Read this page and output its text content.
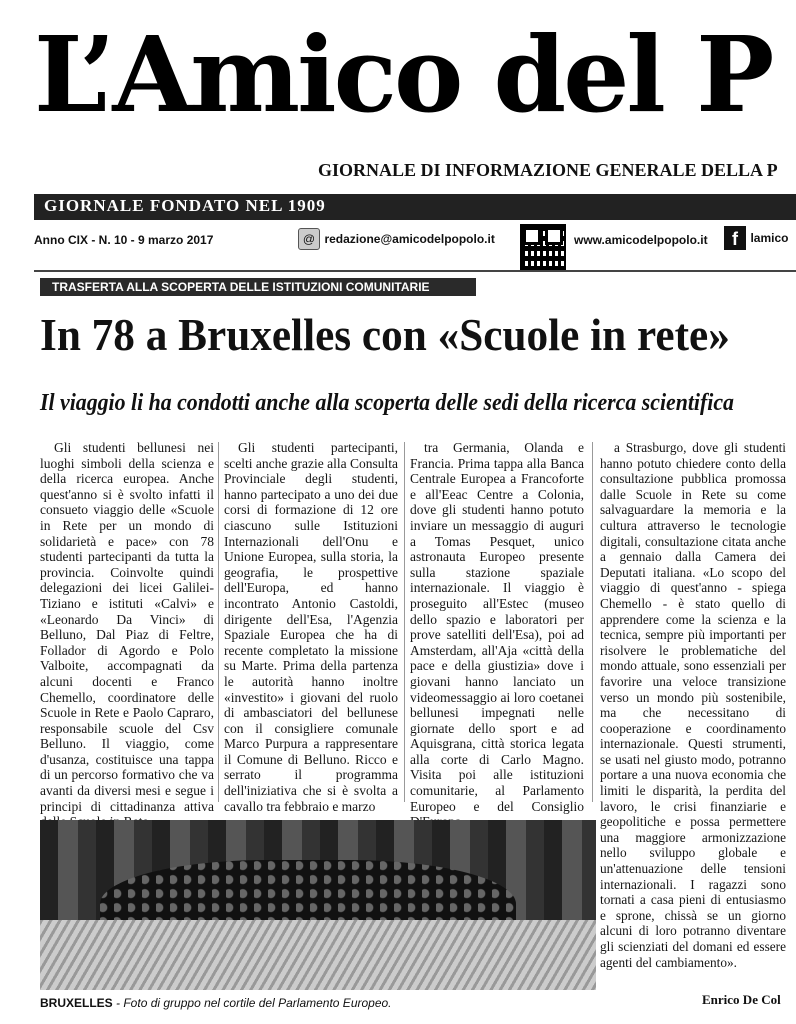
L’Amico del P
GIORNALE DI INFORMAZIONE GENERALE DELLA P
GIORNALE FONDATO NEL 1909
Anno CIX - N. 10 - 9 marzo 2017	@ redazione@amicodelpopolo.it	www.amicodelpopolo.it	f lamico
TRASFERTA ALLA SCOPERTA DELLE ISTITUZIONI COMUNITARIE
In 78 a Bruxelles con «Scuole in rete»
Il viaggio li ha condotti anche alla scoperta delle sedi della ricerca scientifica

Gli studenti bellunesi nei luoghi simboli della scienza e della ricerca europea. Anche quest'anno si è svolto infatti il consueto viaggio delle «Scuole in Rete per un mondo di solidarietà e pace» con 78 studenti partecipanti da tutta la provincia. Coinvolte quindi delegazioni dei licei Galilei-Tiziano e istituti «Calvi» e «Leonardo Da Vinci» di Belluno, Dal Piaz di Feltre, Follador di Agordo e Polo Valboite, accompagnati da alcuni docenti e Franco Chemello, coordinatore delle Scuole in Rete e Paolo Capraro, responsabile scuole del Csv Belluno. Il viaggio, come d'usanza, costituisce una tappa di un percorso formativo che va avanti da diversi mesi e segue i principi di cittadinanza attiva

Gli studenti partecipanti, scelti anche grazie alla Consulta Provinciale degli studenti, hanno partecipato a uno dei due corsi di formazione di 12 ore ciascuno sulle Istituzioni Internazionali dell'Onu e Unione Europea, sulla storia, la geografia, le prospettive dell'Europa, ed hanno incontrato Antonio Castoldi, dirigente dell'Esa, l'Agenzia Spaziale Europea che ha di recente completato la missione su Marte. Prima della partenza le autorità hanno inoltre «investito» i giovani del ruolo di ambasciatori del bellunese con il consigliere comunale Marco Purpura a rappresentare il Comune di Belluno. Ricco e serrato il programma dell'iniziativa che si è svolta a cavallo tra febbraio e marzo

tra Germania, Olanda e Francia. Prima tappa alla Banca Centrale Europea a Francoforte e all'Eeac Centre a Colonia, dove gli studenti hanno potuto inviare un messaggio di auguri a Tomas Pesquet, unico astronauta Europeo presente sulla stazione spaziale internazionale. Il viaggio è proseguito all'Estec (museo dello spazio e laboratori per prove satelliti dell'Esa), poi ad Amsterdam, all'Aja «città della pace e della giustizia» dove i giovani hanno lanciato un videomessaggio ai loro coetanei bellunesi impegnati nelle giornate dello sport e ad Aquisgrana, città storica legata alla corte di Carlo Magno. Visita poi alle istituzioni comunitarie, al Parlamento Europeo e del Consiglio

a Strasburgo, dove gli studenti hanno potuto chiedere conto della consultazione pubblica promossa dalle Scuole in Rete su come salvaguardare la memoria e la cultura attraverso le tecnologie digitali, consultazione citata anche a gennaio dalla Camera dei Deputati italiana. «Lo scopo del viaggio di quest'anno - spiega Chemello - è stato quello di apprendere come la scienza e la tecnica, sempre più importanti per risolvere le problematiche del mondo attuale, sono essenziali per favorire una veloce transizione verso un mondo più sostenibile, ma che necessitano di cooperazione e coordinamento internazionale. Questi strumenti, se usati nel giusto modo, potranno portare a una nuova economia che limiti le disparità, la perdita del lavoro, le crisi finanziarie e geopolitiche e possa permettere una maggiore armonizzazione nello sviluppo globale e un'attenuazione delle tensioni internazionali. I ragazzi sono tornati a casa pieni di entusiasmo e sprone, chissà se un giorno alcuni di loro potranno diventare gli scienziati del domani ed essere agenti del cambiamento».

BRUXELLES - Foto di gruppo nel cortile del Parlamento Europeo.	Enrico De Col
